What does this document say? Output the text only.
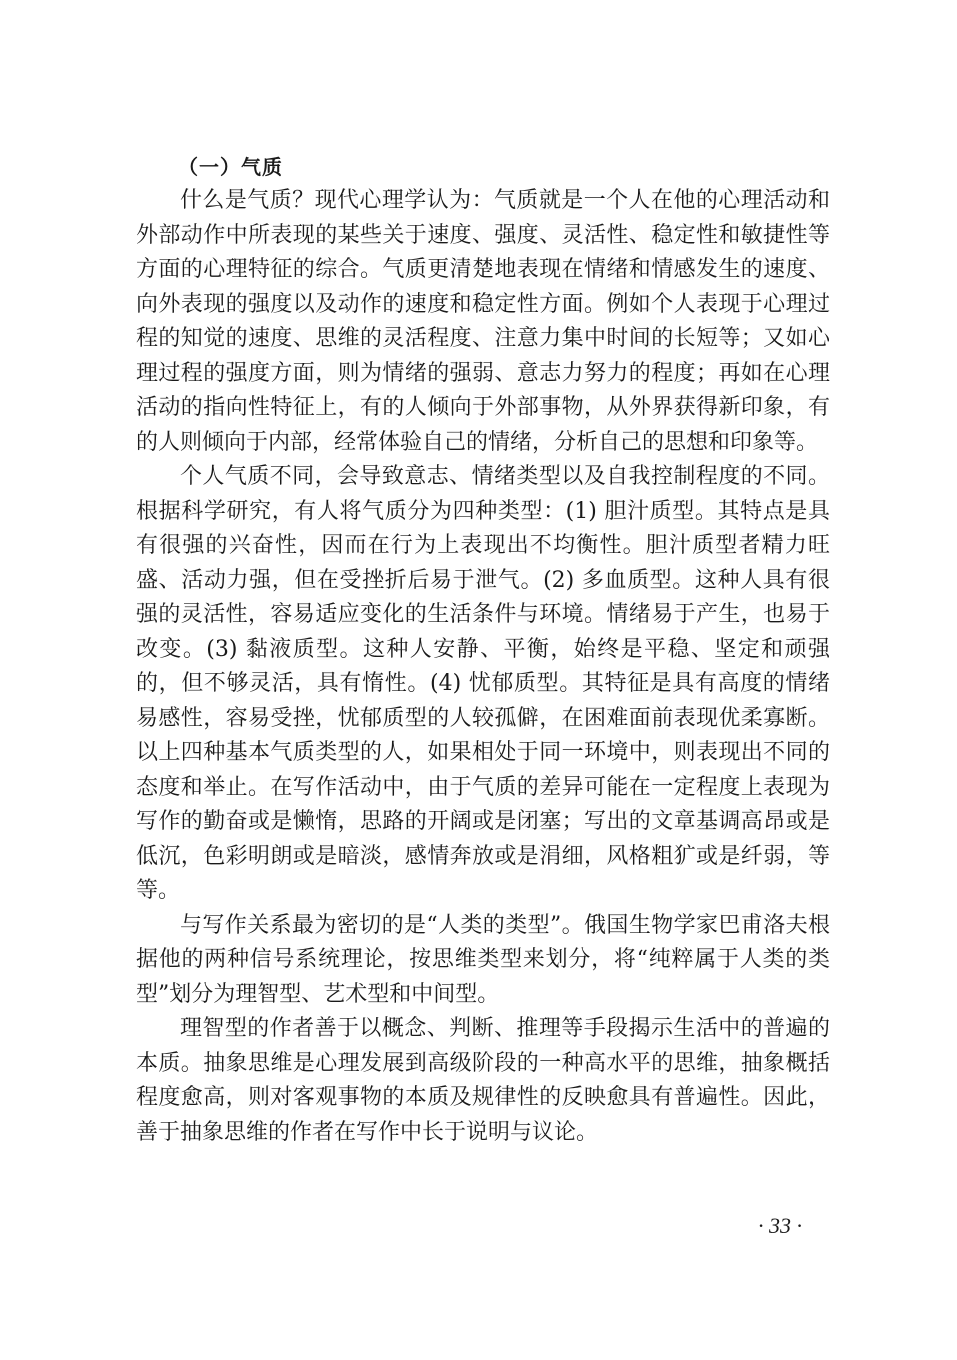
（一）气质

什么是气质？现代心理学认为：气质就是一个人在他的心理活动和外部动作中所表现的某些关于速度、强度、灵活性、稳定性和敏捷性等方面的心理特征的综合。气质更清楚地表现在情绪和情感发生的速度、向外表现的强度以及动作的速度和稳定性方面。例如个人表现于心理过程的知觉的速度、思维的灵活程度、注意力集中时间的长短等；又如心理过程的强度方面，则为情绪的强弱、意志力努力的程度；再如在心理活动的指向性特征上，有的人倾向于外部事物，从外界获得新印象，有的人则倾向于内部，经常体验自己的情绪，分析自己的思想和印象等。

个人气质不同，会导致意志、情绪类型以及自我控制程度的不同。根据科学研究，有人将气质分为四种类型：(1) 胆汁质型。其特点是具有很强的兴奋性，因而在行为上表现出不均衡性。胆汁质型者精力旺盛、活动力强，但在受挫折后易于泄气。(2) 多血质型。这种人具有很强的灵活性，容易适应变化的生活条件与环境。情绪易于产生，也易于改变。(3) 黏液质型。这种人安静、平衡，始终是平稳、坚定和顽强的，但不够灵活，具有惰性。(4) 忧郁质型。其特征是具有高度的情绪易感性，容易受挫，忧郁质型的人较孤僻，在困难面前表现优柔寡断。以上四种基本气质类型的人，如果相处于同一环境中，则表现出不同的态度和举止。在写作活动中，由于气质的差异可能在一定程度上表现为写作的勤奋或是懒惰，思路的开阔或是闭塞；写出的文章基调高昂或是低沉，色彩明朗或是暗淡，感情奔放或是涓细，风格粗犷或是纤弱，等等。

与写作关系最为密切的是“人类的类型”。俄国生物学家巴甫洛夫根据他的两种信号系统理论，按思维类型来划分，将“纯粹属于人类的类型”划分为理智型、艺术型和中间型。

理智型的作者善于以概念、判断、推理等手段揭示生活中的普遍的本质。抽象思维是心理发展到高级阶段的一种高水平的思维，抽象概括程度愈高，则对客观事物的本质及规律性的反映愈具有普遍性。因此，善于抽象思维的作者在写作中长于说明与议论。

· 33 ·
